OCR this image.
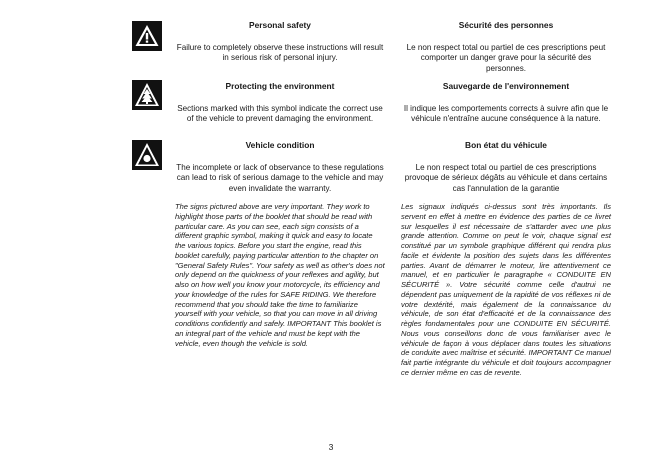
Personal safety

Failure to completely observe these instructions will result in serious risk of personal injury.

Sécurité des personnes

Le non respect total ou partiel de ces prescriptions peut comporter un danger grave pour la sécurité des personnes.

Protecting the environment

Sections marked with this symbol indicate the correct use of the vehicle to prevent damaging the environment.

Sauvegarde de l'environnement

Il indique les comportements corrects à suivre afin que le véhicule n'entraîne aucune conséquence à la nature.

Vehicle condition

The incomplete or lack of observance to these regulations can lead to risk of serious damage to the vehicle and may even invalidate the warranty.

Bon état du véhicule

Le non respect total ou partiel de ces prescriptions provoque de sérieux dégâts au véhicule et dans certains cas l'annulation de la garantie

The signs pictured above are very important. They work to highlight those parts of the booklet that should be read with particular care. As you can see, each sign consists of a different graphic symbol, making it quick and easy to locate the various topics. Before you start the engine, read this booklet carefully, paying particular attention to the chapter on "General Safety Rules". Your safety as well as other's does not only depend on the quickness of your reflexes and agility, but also on how well you know your motorcycle, its efficiency and your knowledge of the rules for SAFE RIDING. We therefore recommend that you should take the time to familiarize yourself with your vehicle, so that you can move in all driving conditions confidently and safely. IMPORTANT This booklet is an integral part of the vehicle and must be kept with the vehicle, even though the vehicle is sold.

Les signaux indiqués ci-dessus sont très importants. Ils servent en effet à mettre en évidence des parties de ce livret sur lesquelles il est nécessaire de s'attarder avec une plus grande attention. Comme on peut le voir, chaque signal est constitué par un symbole graphique différent qui rendra plus facile et évidente la position des sujets dans les différentes parties. Avant de démarrer le moteur, lire attentivement ce manuel, et en particulier le paragraphe « CONDUITE EN SÉCURITÉ ». Votre sécurité comme celle d'autrui ne dépendent pas uniquement de la rapidité de vos réflexes ni de votre dextérité, mais également de la connaissance du véhicule, de son état d'efficacité et de la connaissance des règles fondamentales pour une CONDUITE EN SÉCURITÉ. Nous vous conseillons donc de vous familiariser avec le véhicule de façon à vous déplacer dans toutes les situations de conduite avec maîtrise et sécurité. IMPORTANT Ce manuel fait partie intégrante du véhicule et doit toujours accompagner ce dernier même en cas de revente.

3
